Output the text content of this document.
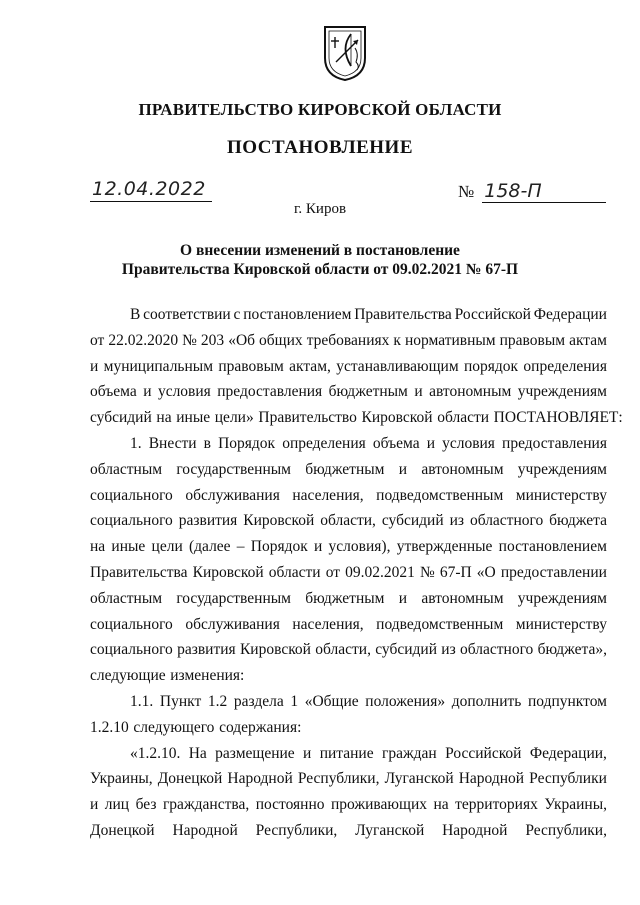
ПРАВИТЕЛЬСТВО КИРОВСКОЙ ОБЛАСТИ
ПОСТАНОВЛЕНИЕ
12.04.2022	№ 158-П
г. Киров
О внесении изменений в постановление
Правительства Кировской области от 09.02.2021 № 67-П
В соответствии с постановлением Правительства Российской Федерации
от 22.02.2020 № 203 «Об общих требованиях к нормативным правовым актам
и муниципальным правовым актам, устанавливающим порядок определения
объема и условия предоставления бюджетным и автономным учреждениям
субсидий на иные цели» Правительство Кировской области ПОСТАНОВЛЯЕТ:
1. Внести в Порядок определения объема и условия предоставления
областным государственным бюджетным и автономным учреждениям
социального обслуживания населения, подведомственным министерству
социального развития Кировской области, субсидий из областного бюджета
на иные цели (далее – Порядок и условия), утвержденные постановлением
Правительства Кировской области от 09.02.2021 № 67-П «О предоставлении
областным государственным бюджетным и автономным учреждениям
социального обслуживания населения, подведомственным министерству
социального развития Кировской области, субсидий из областного бюджета»,
следующие изменения:
1.1. Пункт 1.2 раздела 1 «Общие положения» дополнить подпунктом
1.2.10 следующего содержания:
«1.2.10. На размещение и питание граждан Российской Федерации,
Украины, Донецкой Народной Республики, Луганской Народной Республики
и лиц без гражданства, постоянно проживающих на территориях Украины,
Донецкой Народной Республики, Луганской Народной Республики,
